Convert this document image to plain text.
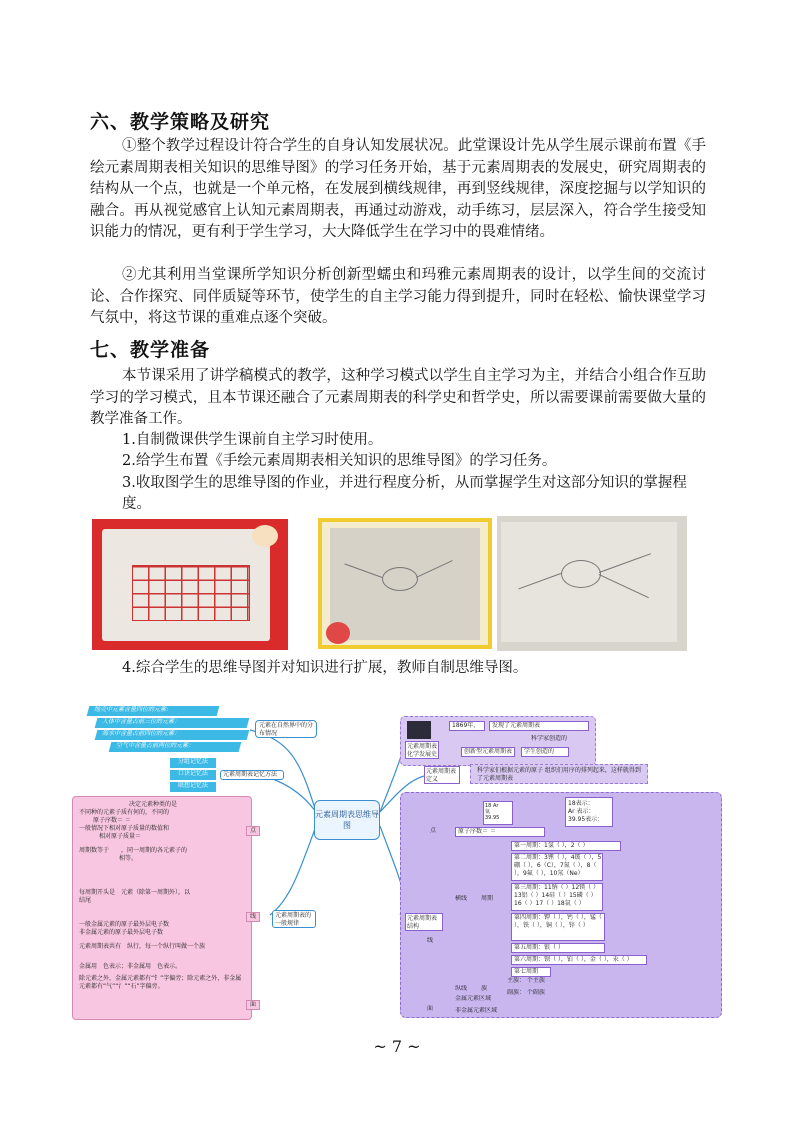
六、教学策略及研究

①整个教学过程设计符合学生的自身认知发展状况。此堂课设计先从学生展示课前布置《手绘元素周期表相关知识的思维导图》的学习任务开始，基于元素周期表的发展史，研究周期表的结构从一个点，也就是一个单元格，在发展到横线规律，再到竖线规律，深度挖掘与以学知识的融合。再从视觉感官上认知元素周期表，再通过动游戏，动手练习，层层深入，符合学生接受知识能力的情况，更有利于学生学习，大大降低学生在学习中的畏难情绪。

②尤其利用当堂课所学知识分析创新型蠕虫和玛雅元素周期表的设计，以学生间的交流讨论、合作探究、同伴质疑等环节，使学生的自主学习能力得到提升，同时在轻松、愉快课堂学习气氛中，将这节课的重难点逐个突破。

七、教学准备

本节课采用了讲学稿模式的教学，这种学习模式以学生自主学习为主，并结合小组合作互助学习的学习模式，且本节课还融合了元素周期表的科学史和哲学史，所以需要课前需要做大量的教学准备工作。

1.自制微课供学生课前自主学习时使用。
2.给学生布置《手绘元素周期表相关知识的思维导图》的学习任务。
3.收取图学生的思维导图的作业，并进行程度分析，从而掌握学生对这部分知识的掌握程度。
4.综合学生的思维导图并对知识进行扩展，教师自制思维导图。
元素周期表思维导图
地壳中元素含量四位的元素:
人体中含量占前三位的元素：
海水中含量占前四位的元素：
空气中含量占前两位的元素：
元素在自然界中的分布情况
分组记忆法
口诀记忆法
联想记忆法
元素周期表记忆方法
决定元素种类的是
不同种的元素子质有何的，不同的
原子序数＝ ＝
一般情况下相对原子质量的数值和
相对原子质量＝
周期数等于　　 ，同一周期的各元素子的
相等。
每周期开头是　 元素（除第一周期外），以
结尾
一般金属元素的原子最外层电子数
非金属元素的原子最外层电子数
元素周期表共有　 纵行，每一个纵行叫做一个族
金属用　 色表示；非金属用　 色表示。
除元素之外，金属元素都有“钅”字偏旁；除元素之外，非金属元素都有“气”“氵”“石”字偏旁。
点
线
面
元素周期表的一般规律
元素周期表化学发展史
1869年，	发现了元素周期表
科学家创造的
创新型元素周期表	学生创造的
元素周期表定义
科学家们根据元素的原子 组织们用序的排列起来，这样就得到了元素周期表
元素周期表结构
18 Ar
氩
39.95
18表示：
Ar 表示：
39.95表示：
点	原子序数＝ ＝
线
横线	周期
第一周期：1氢（ ），2（ ）
第二周期：3锂（ ），4铍（ ），5硼（ ），6（C），7氮（ ），8（ ），9氟（ ），10氖（Ne）
第三周期：11钠（ ）12镁（ ）13铝（ ）14硅（ ）15磷（ ）16（ ）17（ ）18氩（ ）
第四周期：钾（ ），钙（ ），锰（ ），铁（ ），铜（ ），锌（ ）
第五周期：银（ ）
第六周期：钡（ ），铂（ ），金（ ），汞（ ）
第七周期
纵线	族
主族： 个主族
副族： 个副族
面
金属元素区域
非金属元素区域
~ 7 ~
